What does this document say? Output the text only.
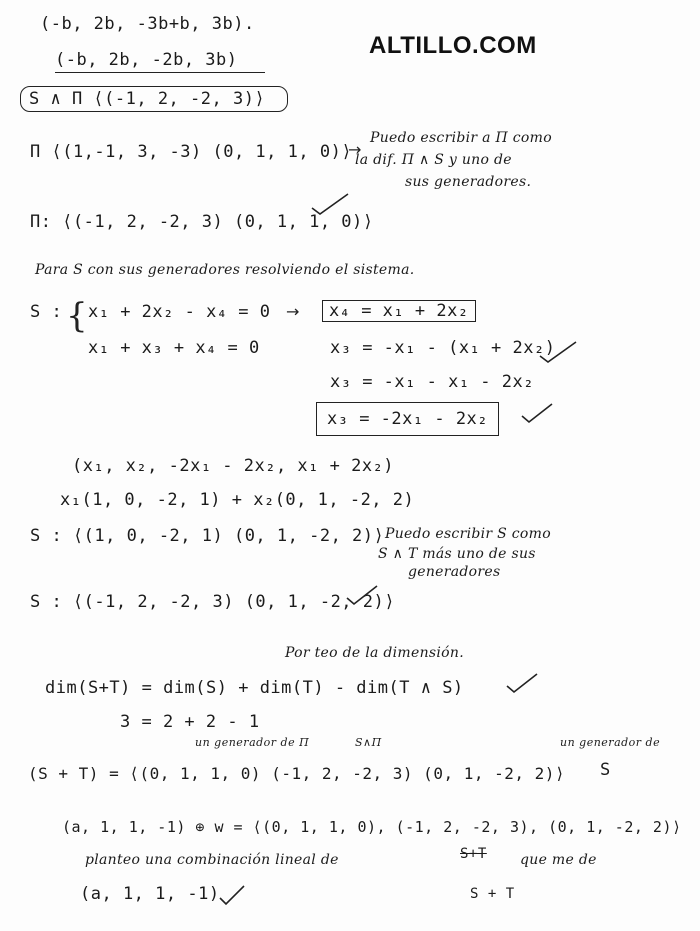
ALTILLO.COM
(-b, 2b, -3b+b, 3b).
(-b, 2b, -2b, 3b)
S ∧ Π ⟨(-1, 2, -2, 3)⟩
Π ⟨(1,-1, 3, -3) (0, 1, 1, 0)⟩
→
Puedo escribir a Π como
la dif. Π ∧ S y uno de
sus generadores.
Π: ⟨(-1, 2, -2, 3) (0, 1, 1, 0)⟩
Para S con sus generadores resolviendo el sistema.
S : { x₁ + 2x₂ - x₄ = 0
x₁ + x₃ + x₄ = 0
→	x₄ = x₁ + 2x₂
x₃ = -x₁ - (x₁ + 2x₂)
x₃ = -x₁ - x₁ - 2x₂
x₃ = -2x₁ - 2x₂
(x₁, x₂, -2x₁ - 2x₂, x₁ + 2x₂)
x₁(1, 0, -2, 1) + x₂(0, 1, -2, 2)
S : ⟨(1, 0, -2, 1) (0, 1, -2, 2)⟩ Puedo escribir S como
S ∧ T más uno de sus
generadores
S : ⟨(-1, 2, -2, 3) (0, 1, -2, 2)⟩
Por teo de la dimensión.
dim(S+T) = dim(S) + dim(T) - dim(T ∧ S)
3 = 2 + 2 - 1
un generador de Π	S∧Π	un generador de
(S + T) = ⟨(0, 1, 1, 0) (-1, 2, -2, 3) (0, 1, -2, 2)⟩ S
(a, 1, 1, -1) ⊕ w = ⟨(0, 1, 1, 0), (-1, 2, -2, 3), (0, 1, -2, 2)⟩
planteo una combinación lineal de	S+T que me de
(a, 1, 1, -1)	S + T
